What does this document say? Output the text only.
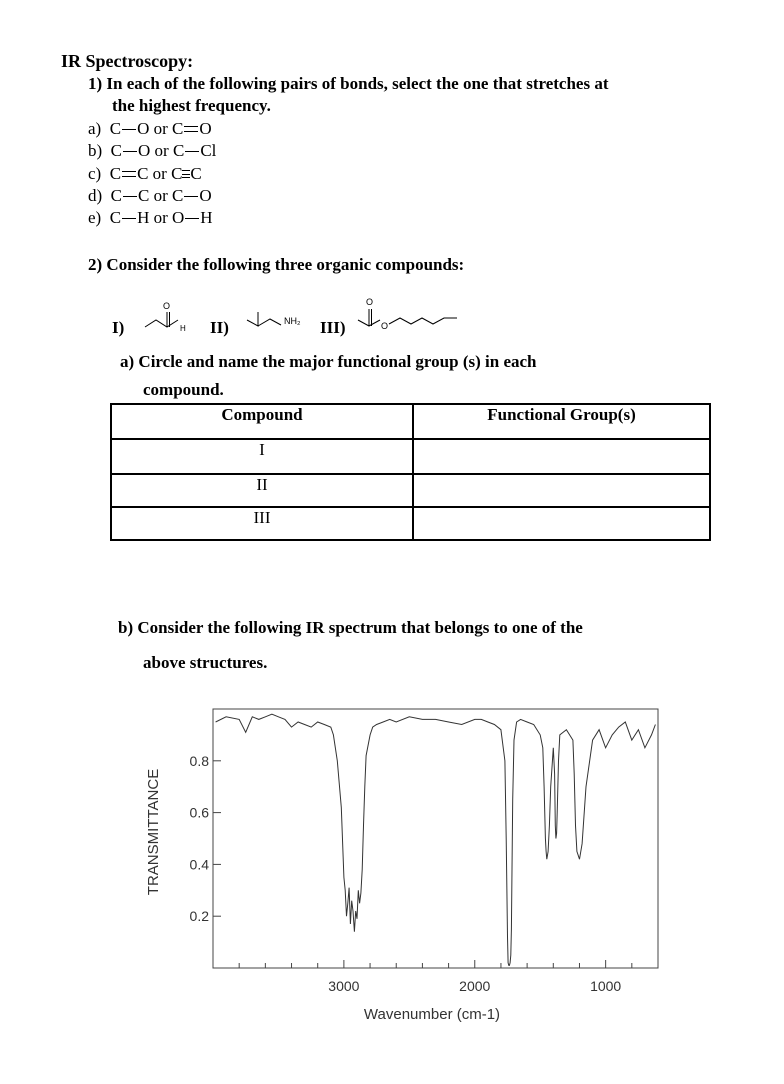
IR Spectroscopy:
1) In each of the following pairs of bonds, select the one that stretches at
the highest frequency.
a) C O or C O
b) C O or C Cl
c) C C or C C
d) C C or C O
e) C H or O H
2) Consider the following three organic compounds:
I)	II)	III)
O
H
NH₂
O
O
a) Circle and name the major functional group (s) in each
compound.
Compound	Functional Group(s)
I	
II	
III	
b) Consider the following IR spectrum that belongs to one of the
above structures.
0.8
0.6
0.4
0.2
3000	2000	1000
TRANSMITTANCE
Wavenumber (cm-1)
